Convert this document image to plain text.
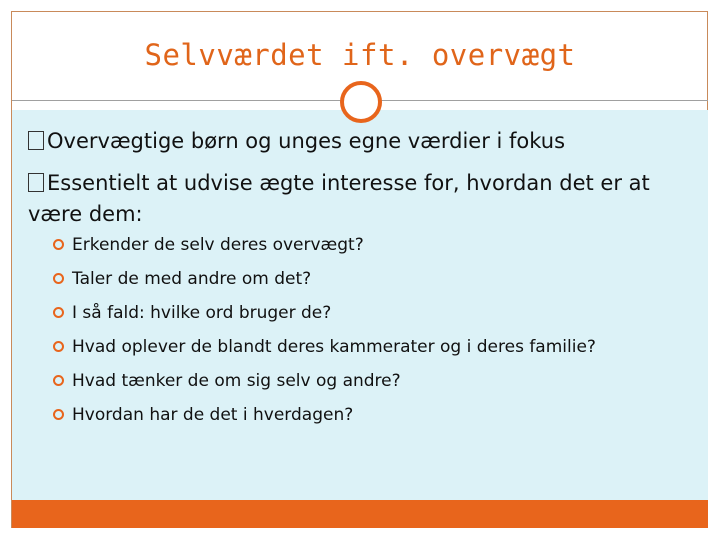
Selvværdet ift. overvægt

Overvægtige børn og unges egne værdier i fokus

Essentielt at udvise ægte interesse for, hvordan det er at være dem:

Erkender de selv deres overvægt?
Taler de med andre om det?
I så fald: hvilke ord bruger de?
Hvad oplever de blandt deres kammerater og i deres familie?
Hvad tænker de om sig selv og andre?
Hvordan har de det i hverdagen?
